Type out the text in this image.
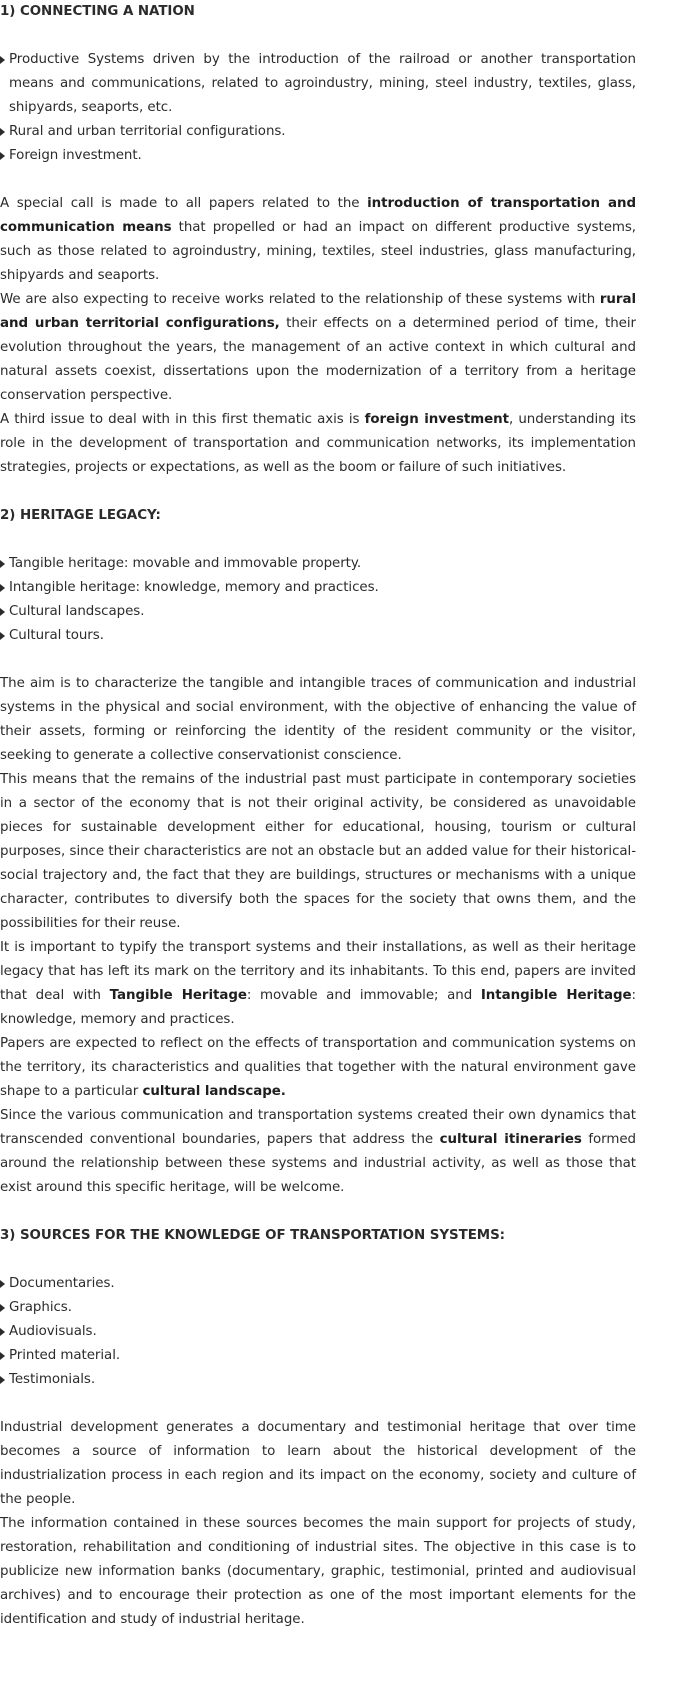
1) CONNECTING A NATION

Productive Systems driven by the introduction of the railroad or another transportation means and communications, related to agroindustry, mining, steel industry, textiles, glass, shipyards, seaports, etc.
Rural and urban territorial configurations.
Foreign investment.

A special call is made to all papers related to the introduction of transportation and communication means that propelled or had an impact on different productive systems, such as those related to agroindustry, mining, textiles, steel industries, glass manufacturing, shipyards and seaports.

We are also expecting to receive works related to the relationship of these systems with rural and urban territorial configurations, their effects on a determined period of time, their evolution throughout the years, the management of an active context in which cultural and natural assets coexist, dissertations upon the modernization of a territory from a heritage conservation perspective.

A third issue to deal with in this first thematic axis is foreign investment, understanding its role in the development of transportation and communication networks, its implementation strategies, projects or expectations, as well as the boom or failure of such initiatives.

2) HERITAGE LEGACY:

Tangible heritage: movable and immovable property.
Intangible heritage: knowledge, memory and practices.
Cultural landscapes.
Cultural tours.

The aim is to characterize the tangible and intangible traces of communication and industrial systems in the physical and social environment, with the objective of enhancing the value of their assets, forming or reinforcing the identity of the resident community or the visitor, seeking to generate a collective conservationist conscience.

This means that the remains of the industrial past must participate in contemporary societies in a sector of the economy that is not their original activity, be considered as unavoidable pieces for sustainable development either for educational, housing, tourism or cultural purposes, since their characteristics are not an obstacle but an added value for their historical-social trajectory and, the fact that they are buildings, structures or mechanisms with a unique character, contributes to diversify both the spaces for the society that owns them, and the possibilities for their reuse.

It is important to typify the transport systems and their installations, as well as their heritage legacy that has left its mark on the territory and its inhabitants. To this end, papers are invited that deal with Tangible Heritage: movable and immovable; and Intangible Heritage: knowledge, memory and practices.

Papers are expected to reflect on the effects of transportation and communication systems on the territory, its characteristics and qualities that together with the natural environment gave shape to a particular cultural landscape.

Since the various communication and transportation systems created their own dynamics that transcended conventional boundaries, papers that address the cultural itineraries formed around the relationship between these systems and industrial activity, as well as those that exist around this specific heritage, will be welcome.

3) SOURCES FOR THE KNOWLEDGE OF TRANSPORTATION SYSTEMS:

Documentaries.
Graphics.
Audiovisuals.
Printed material.
Testimonials.

Industrial development generates a documentary and testimonial heritage that over time becomes a source of information to learn about the historical development of the industrialization process in each region and its impact on the economy, society and culture of the people.

The information contained in these sources becomes the main support for projects of study, restoration, rehabilitation and conditioning of industrial sites. The objective in this case is to publicize new information banks (documentary, graphic, testimonial, printed and audiovisual archives) and to encourage their protection as one of the most important elements for the identification and study of industrial heritage.
